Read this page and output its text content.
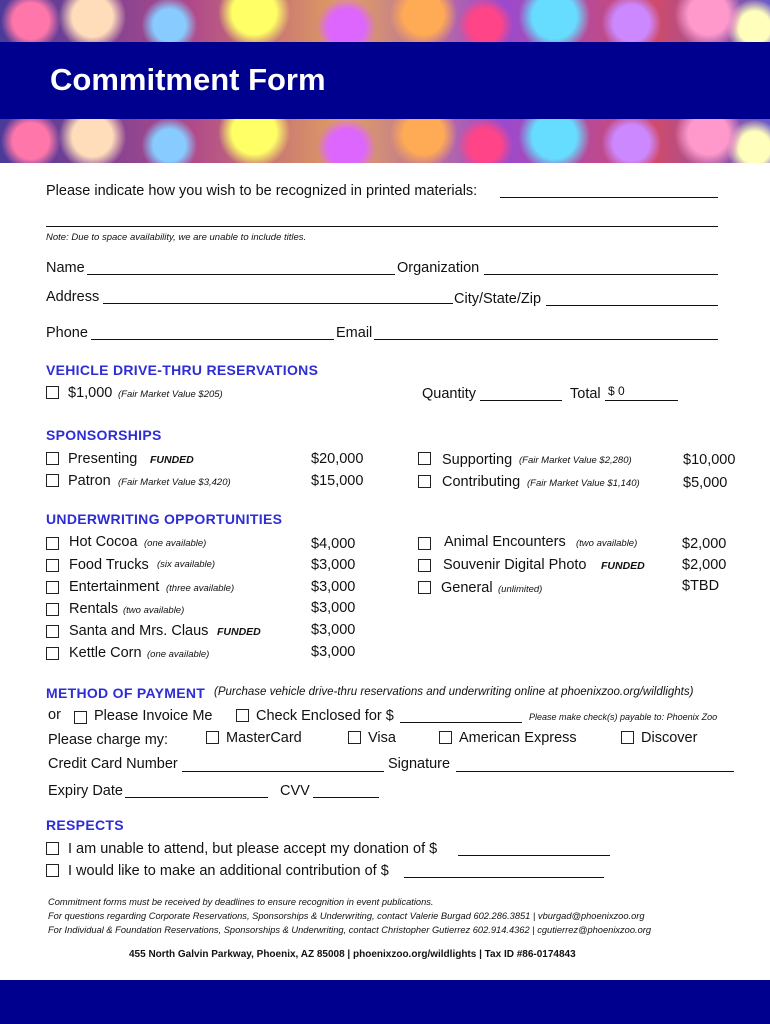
Commitment Form
Please indicate how you wish to be recognized in printed materials:
Note: Due to space availability, we are unable to include titles.
Name	Organization
Address	City/State/Zip
Phone	Email
VEHICLE DRIVE-THRU RESERVATIONS
$1,000 (Fair Market Value $205)	Quantity	Total $ 0
SPONSORSHIPS
Presenting FUNDED	$20,000
Patron (Fair Market Value $3,420)	$15,000
Supporting (Fair Market Value $2,280)	$10,000
Contributing (Fair Market Value $1,140)	$5,000
UNDERWRITING OPPORTUNITIES
Hot Cocoa (one available)	$4,000
Food Trucks (six available)	$3,000
Entertainment (three available)	$3,000
Rentals (two available)	$3,000
Santa and Mrs. Claus FUNDED	$3,000
Kettle Corn (one available)	$3,000
Animal Encounters (two available)	$2,000
Souvenir Digital Photo FUNDED	$2,000
General (unlimited)	$TBD
METHOD OF PAYMENT (Purchase vehicle drive-thru reservations and underwriting online at phoenixzoo.org/wildlights)
or Please Invoice Me	Check Enclosed for $	Please make check(s) payable to: Phoenix Zoo
Please charge my:	MasterCard	Visa	American Express	Discover
Credit Card Number	Signature
Expiry Date	CVV
RESPECTS
I am unable to attend, but please accept my donation of $
I would like to make an additional contribution of $
Commitment forms must be received by deadlines to ensure recognition in event publications.
For questions regarding Corporate Reservations, Sponsorships & Underwriting, contact Valerie Burgad 602.286.3851 | vburgad@phoenixzoo.org
For Individual & Foundation Reservations, Sponsorships & Underwriting, contact Christopher Gutierrez 602.914.4362 | cgutierrez@phoenixzoo.org
455 North Galvin Parkway, Phoenix, AZ 85008 | phoenixzoo.org/wildlights | Tax ID #86-0174843
